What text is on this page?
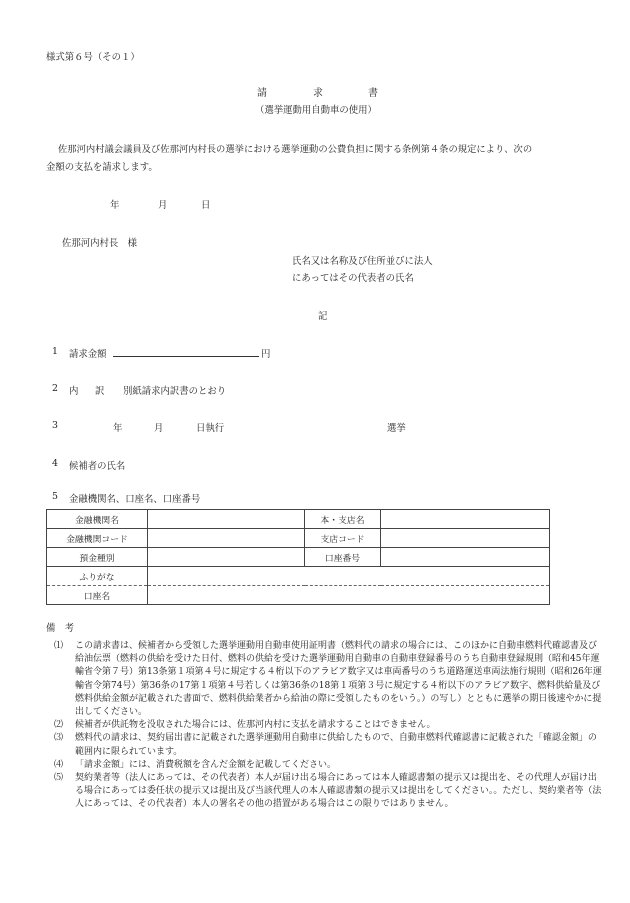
様式第６号（その１）
請	求	書
（選挙運動用自動車の使用）
佐那河内村議会議員及び佐那河内村長の選挙における選挙運動の公費負担に関する条例第４条の規定により、次の
金額の支払を請求します。
年	月	日
佐那河内村長　様
氏名又は名称及び住所並びに法人
にあってはその代表者の氏名
記
1 請求金額	円
2 内 訳 別紙請求内訳書のとおり
3	年	月	日執行	選挙
4 候補者の氏名
5 金融機関名、口座名、口座番号
金融機関名		本・支店名	
金融機関コード		支店コード	
預金種別		口座番号	
ふりがな			
口座名			
備　考
⑴	この請求書は、候補者から受領した選挙運動用自動車使用証明書（燃料代の請求の場合には、このほかに自動車燃料代確認書及び給油伝票（燃料の供給を受けた日付、燃料の供給を受けた選挙運動用自動車の自動車登録番号のうち自動車登録規則（昭和45年運輸省令第７号）第13条第１項第４号に規定する４桁以下のアラビア数字又は車両番号のうち道路運送車両法施行規則（昭和26年運輸省令第74号）第36条の17第１項第４号若しくは第36条の18第１項第３号に規定する４桁以下のアラビア数字、燃料供給量及び燃料供給金額が記載された書面で、燃料供給業者から給油の際に受領したものをいう。）の写し）とともに選挙の期日後速やかに提出してください。
⑵	候補者が供託物を没収された場合には、佐那河内村に支払を請求することはできません。
⑶	燃料代の請求は、契約届出書に記載された選挙運動用自動車に供給したもので、自動車燃料代確認書に記載された「確認金額」の範囲内に限られています。
⑷	「請求金額」には、消費税額を含んだ金額を記載してください。
⑸	契約業者等（法人にあっては、その代表者）本人が届け出る場合にあっては本人確認書類の提示又は提出を、その代理人が届け出る場合にあっては委任状の提示又は提出及び当該代理人の本人確認書類の提示又は提出をしてください。。ただし、契約業者等（法人にあっては、その代表者）本人の署名その他の措置がある場合はこの限りではありません。
